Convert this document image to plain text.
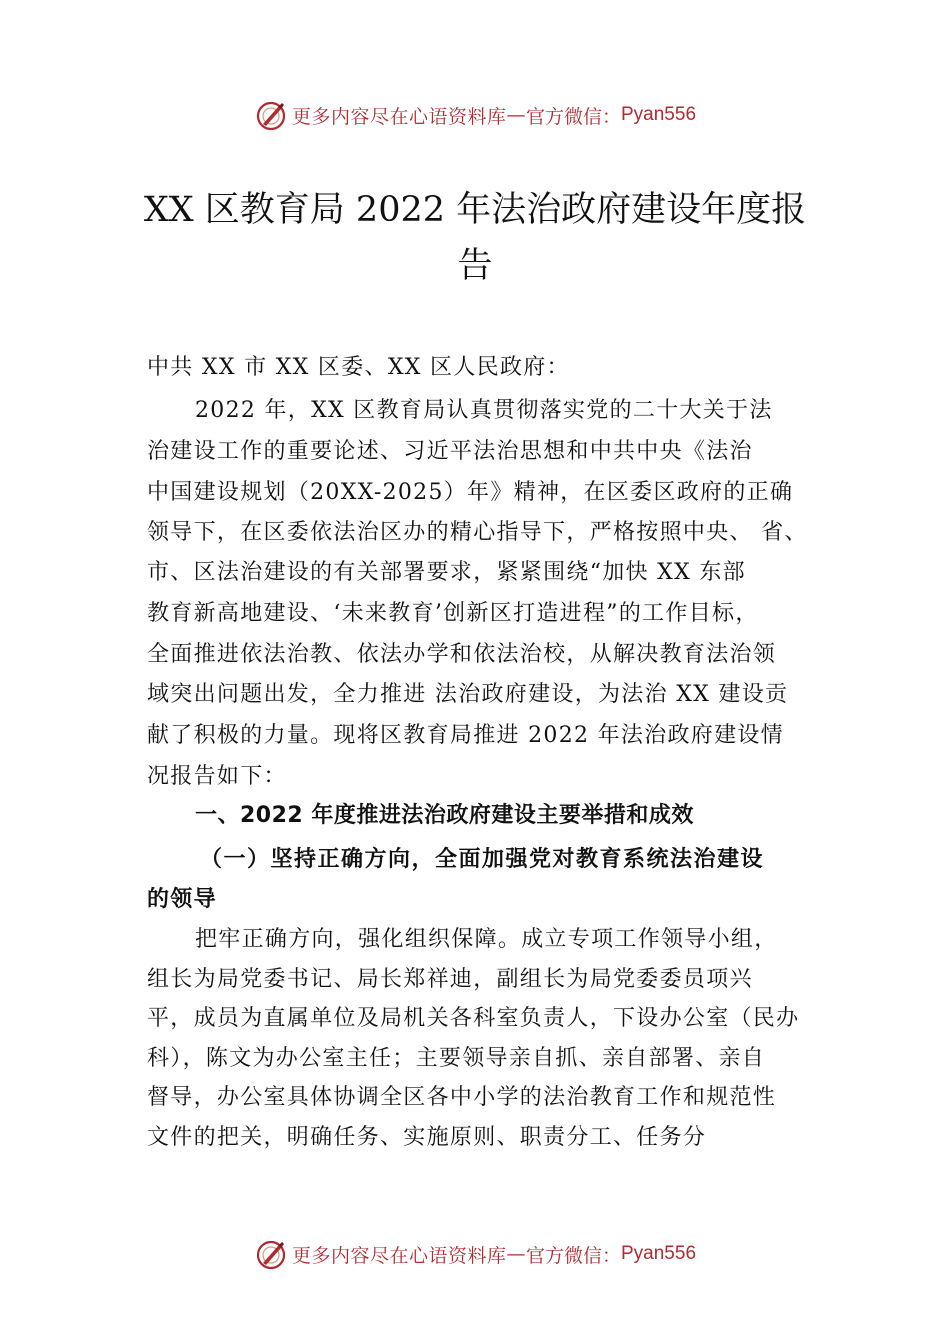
更多内容尽在心语资料库 — 官方微信： Pyan556
XX 区教育局 2022 年法治政府建设年度报
告
中共 XX 市 XX 区委、XX 区人民政府：
2022 年，XX 区教育局认真贯彻落实党的二十大关于法
治建设工作的重要论述、习近平法治思想和中共中央《法治
中国建设规划（20XX-2025）年》精神，在区委区政府的正确
领导下，在区委依法治区办的精心指导下，严格按照中央、 省、
市、区法治建设的有关部署要求，紧紧围绕“加快 XX 东部
教育新高地建设、‘未来教育’创新区打造进程”的工作目标，
全面推进依法治教、依法办学和依法治校，从解决教育法治领
域突出问题出发，全力推进 法治政府建设，为法治 XX 建设贡
献了积极的力量。现将区教育局推进 2022 年法治政府建设情
况报告如下：
一、2022 年度推进法治政府建设主要举措和成效
（一）坚持正确方向，全面加强党对教育系统法治建设
的领导
把牢正确方向，强化组织保障。成立专项工作领导小组，
组长为局党委书记、局长郑祥迪，副组长为局党委委员项兴
平，成员为直属单位及局机关各科室负责人，下设办公室（民办
科），陈文为办公室主任；主要领导亲自抓、亲自部署、亲自
督导，办公室具体协调全区各中小学的法治教育工作和规范性
文件的把关，明确任务、实施原则、职责分工、任务分
更多内容尽在心语资料库 — 官方微信： Pyan556
